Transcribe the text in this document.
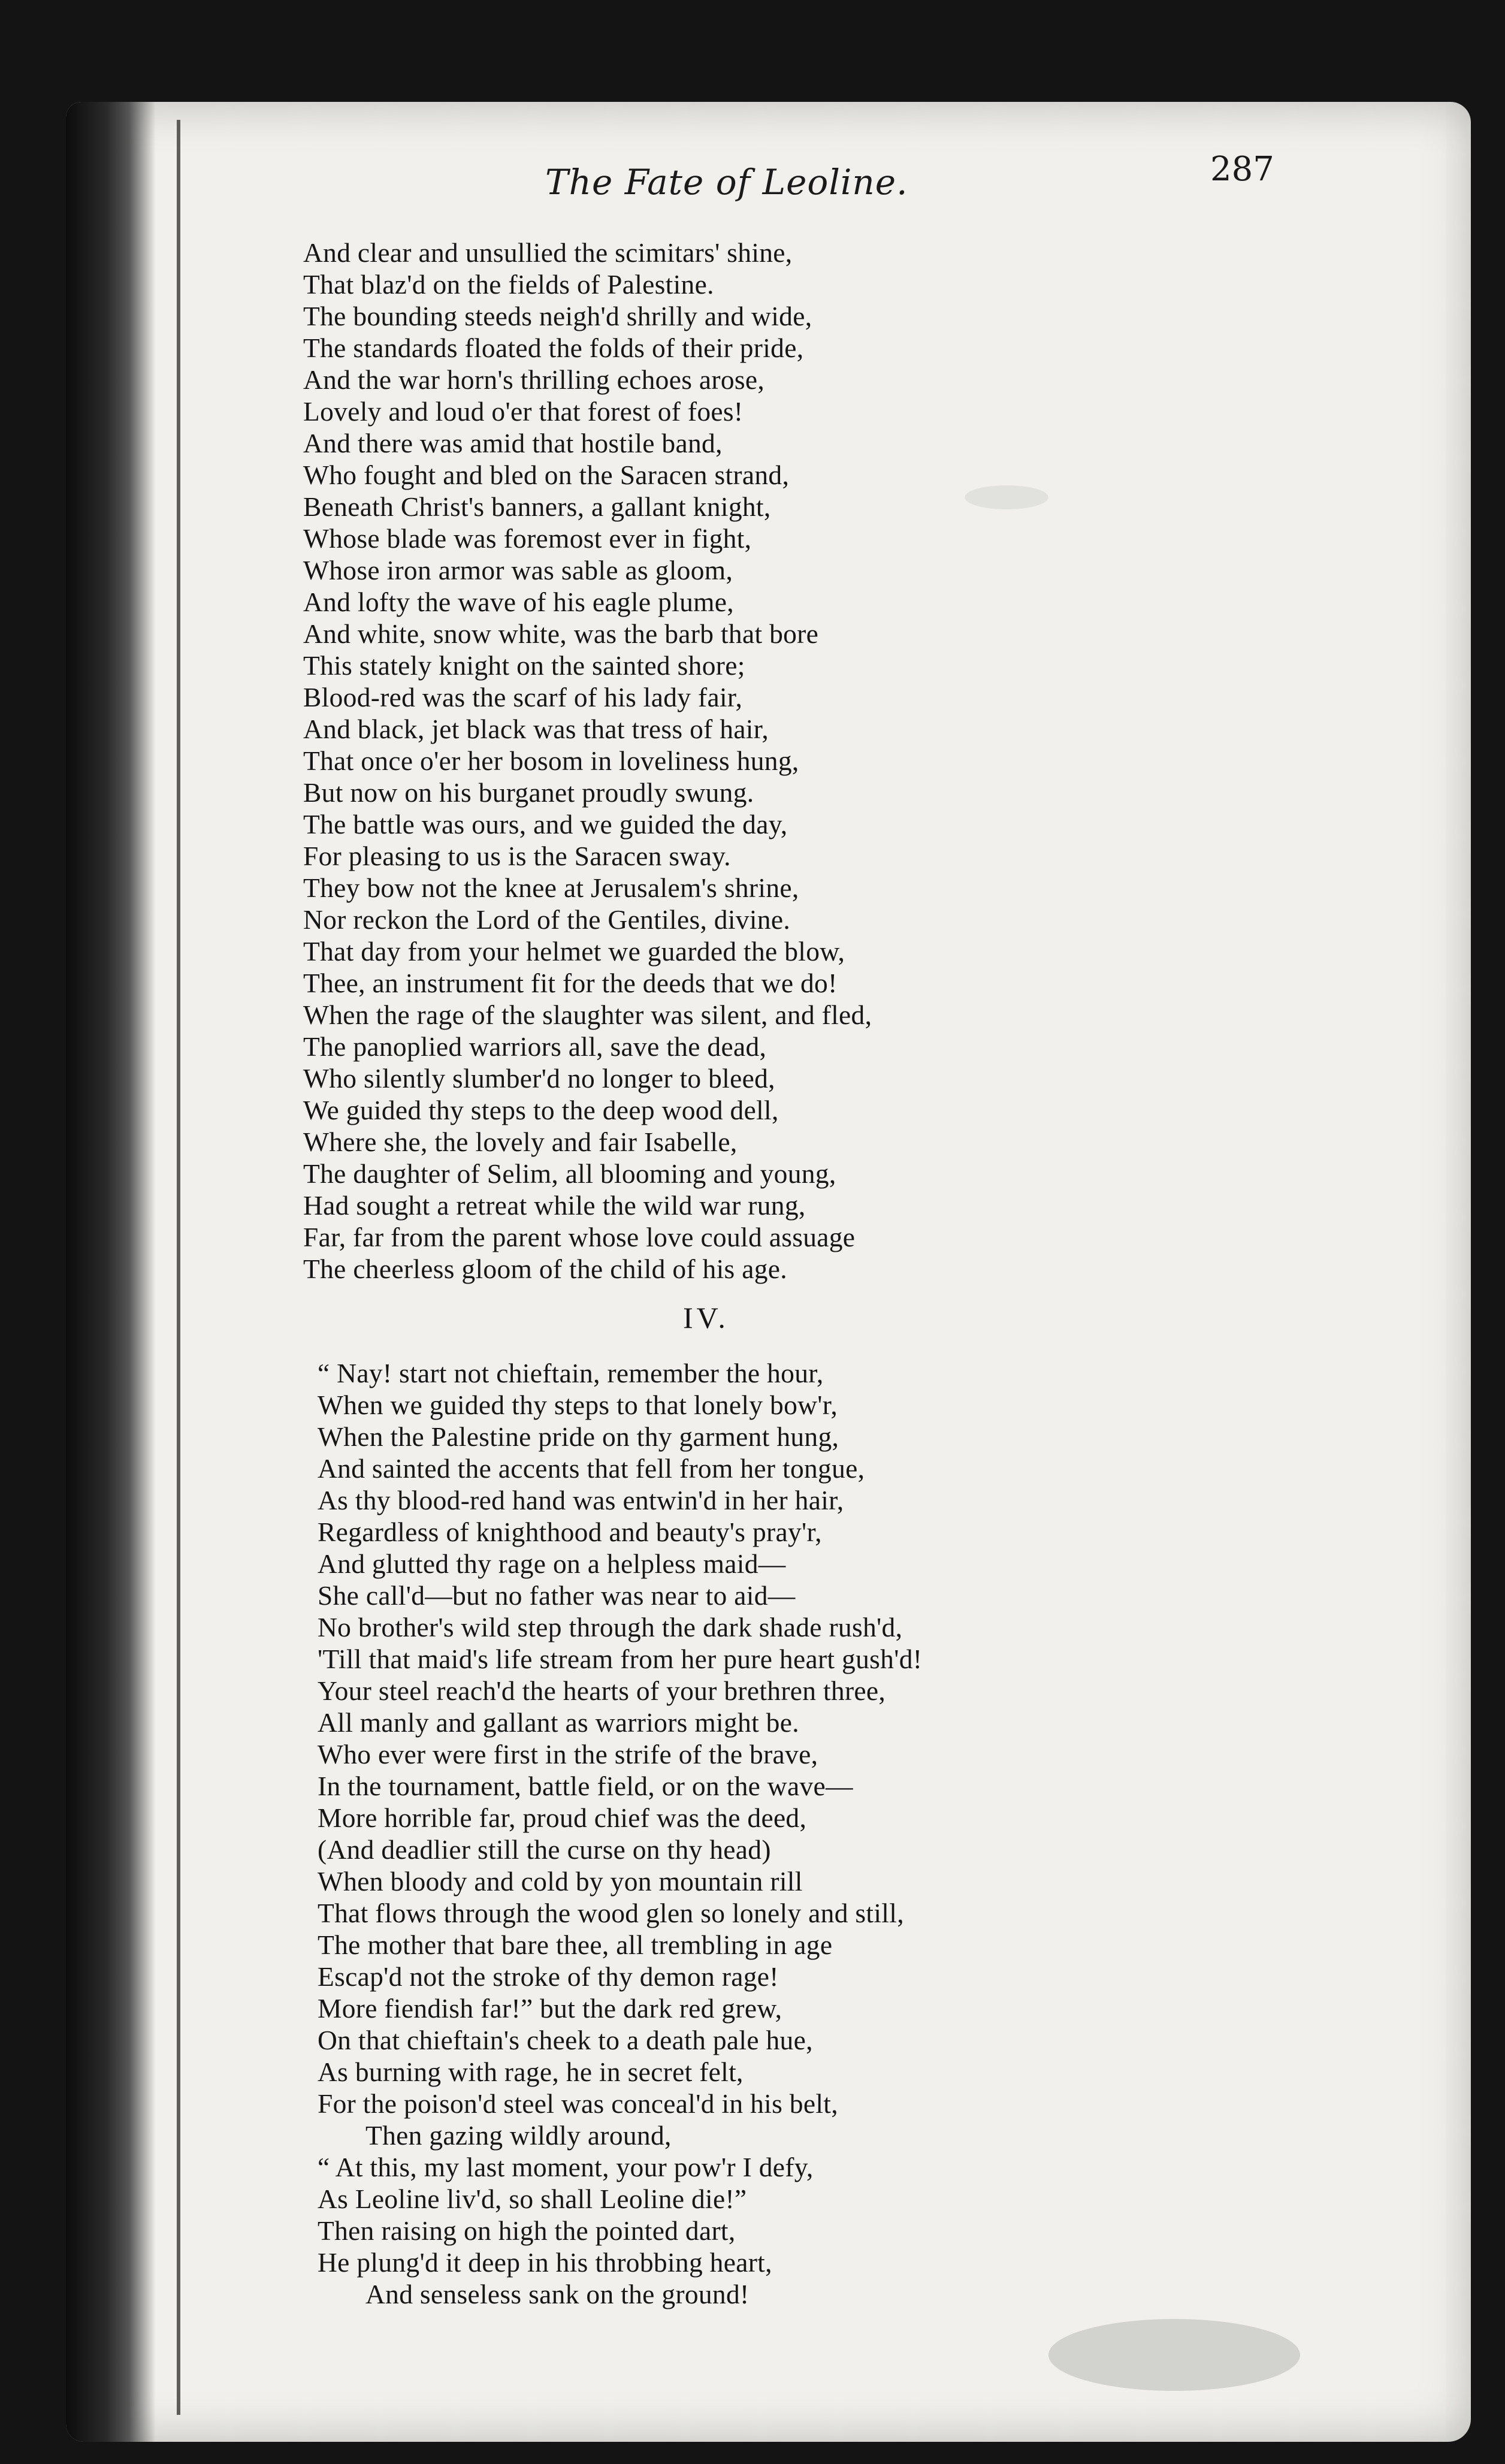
The Fate of Leoline.	287
And clear and unsullied the scimitars' shine,
That blaz'd on the fields of Palestine.
The bounding steeds neigh'd shrilly and wide,
The standards floated the folds of their pride,
And the war horn's thrilling echoes arose,
Lovely and loud o'er that forest of foes!
And there was amid that hostile band,
Who fought and bled on the Saracen strand,
Beneath Christ's banners, a gallant knight,
Whose blade was foremost ever in fight,
Whose iron armor was sable as gloom,
And lofty the wave of his eagle plume,
And white, snow white, was the barb that bore
This stately knight on the sainted shore;
Blood-red was the scarf of his lady fair,
And black, jet black was that tress of hair,
That once o'er her bosom in loveliness hung,
But now on his burganet proudly swung.
The battle was ours, and we guided the day,
For pleasing to us is the Saracen sway.
They bow not the knee at Jerusalem's shrine,
Nor reckon the Lord of the Gentiles, divine.
That day from your helmet we guarded the blow,
Thee, an instrument fit for the deeds that we do!
When the rage of the slaughter was silent, and fled,
The panoplied warriors all, save the dead,
Who silently slumber'd no longer to bleed,
We guided thy steps to the deep wood dell,
Where she, the lovely and fair Isabelle,
The daughter of Selim, all blooming and young,
Had sought a retreat while the wild war rung,
Far, far from the parent whose love could assuage
The cheerless gloom of the child of his age.
IV.
“ Nay! start not chieftain, remember the hour,
When we guided thy steps to that lonely bow'r,
When the Palestine pride on thy garment hung,
And sainted the accents that fell from her tongue,
As thy blood-red hand was entwin'd in her hair,
Regardless of knighthood and beauty's pray'r,
And glutted thy rage on a helpless maid—
She call'd—but no father was near to aid—
No brother's wild step through the dark shade rush'd,
'Till that maid's life stream from her pure heart gush'd!
Your steel reach'd the hearts of your brethren three,
All manly and gallant as warriors might be.
Who ever were first in the strife of the brave,
In the tournament, battle field, or on the wave—
More horrible far, proud chief was the deed,
(And deadlier still the curse on thy head)
When bloody and cold by yon mountain rill
That flows through the wood glen so lonely and still,
The mother that bare thee, all trembling in age
Escap'd not the stroke of thy demon rage!
More fiendish far!” but the dark red grew,
On that chieftain's cheek to a death pale hue,
As burning with rage, he in secret felt,
For the poison'd steel was conceal'd in his belt,
Then gazing wildly around,
“ At this, my last moment, your pow'r I defy,
As Leoline liv'd, so shall Leoline die!”
Then raising on high the pointed dart,
He plung'd it deep in his throbbing heart,
And senseless sank on the ground!
